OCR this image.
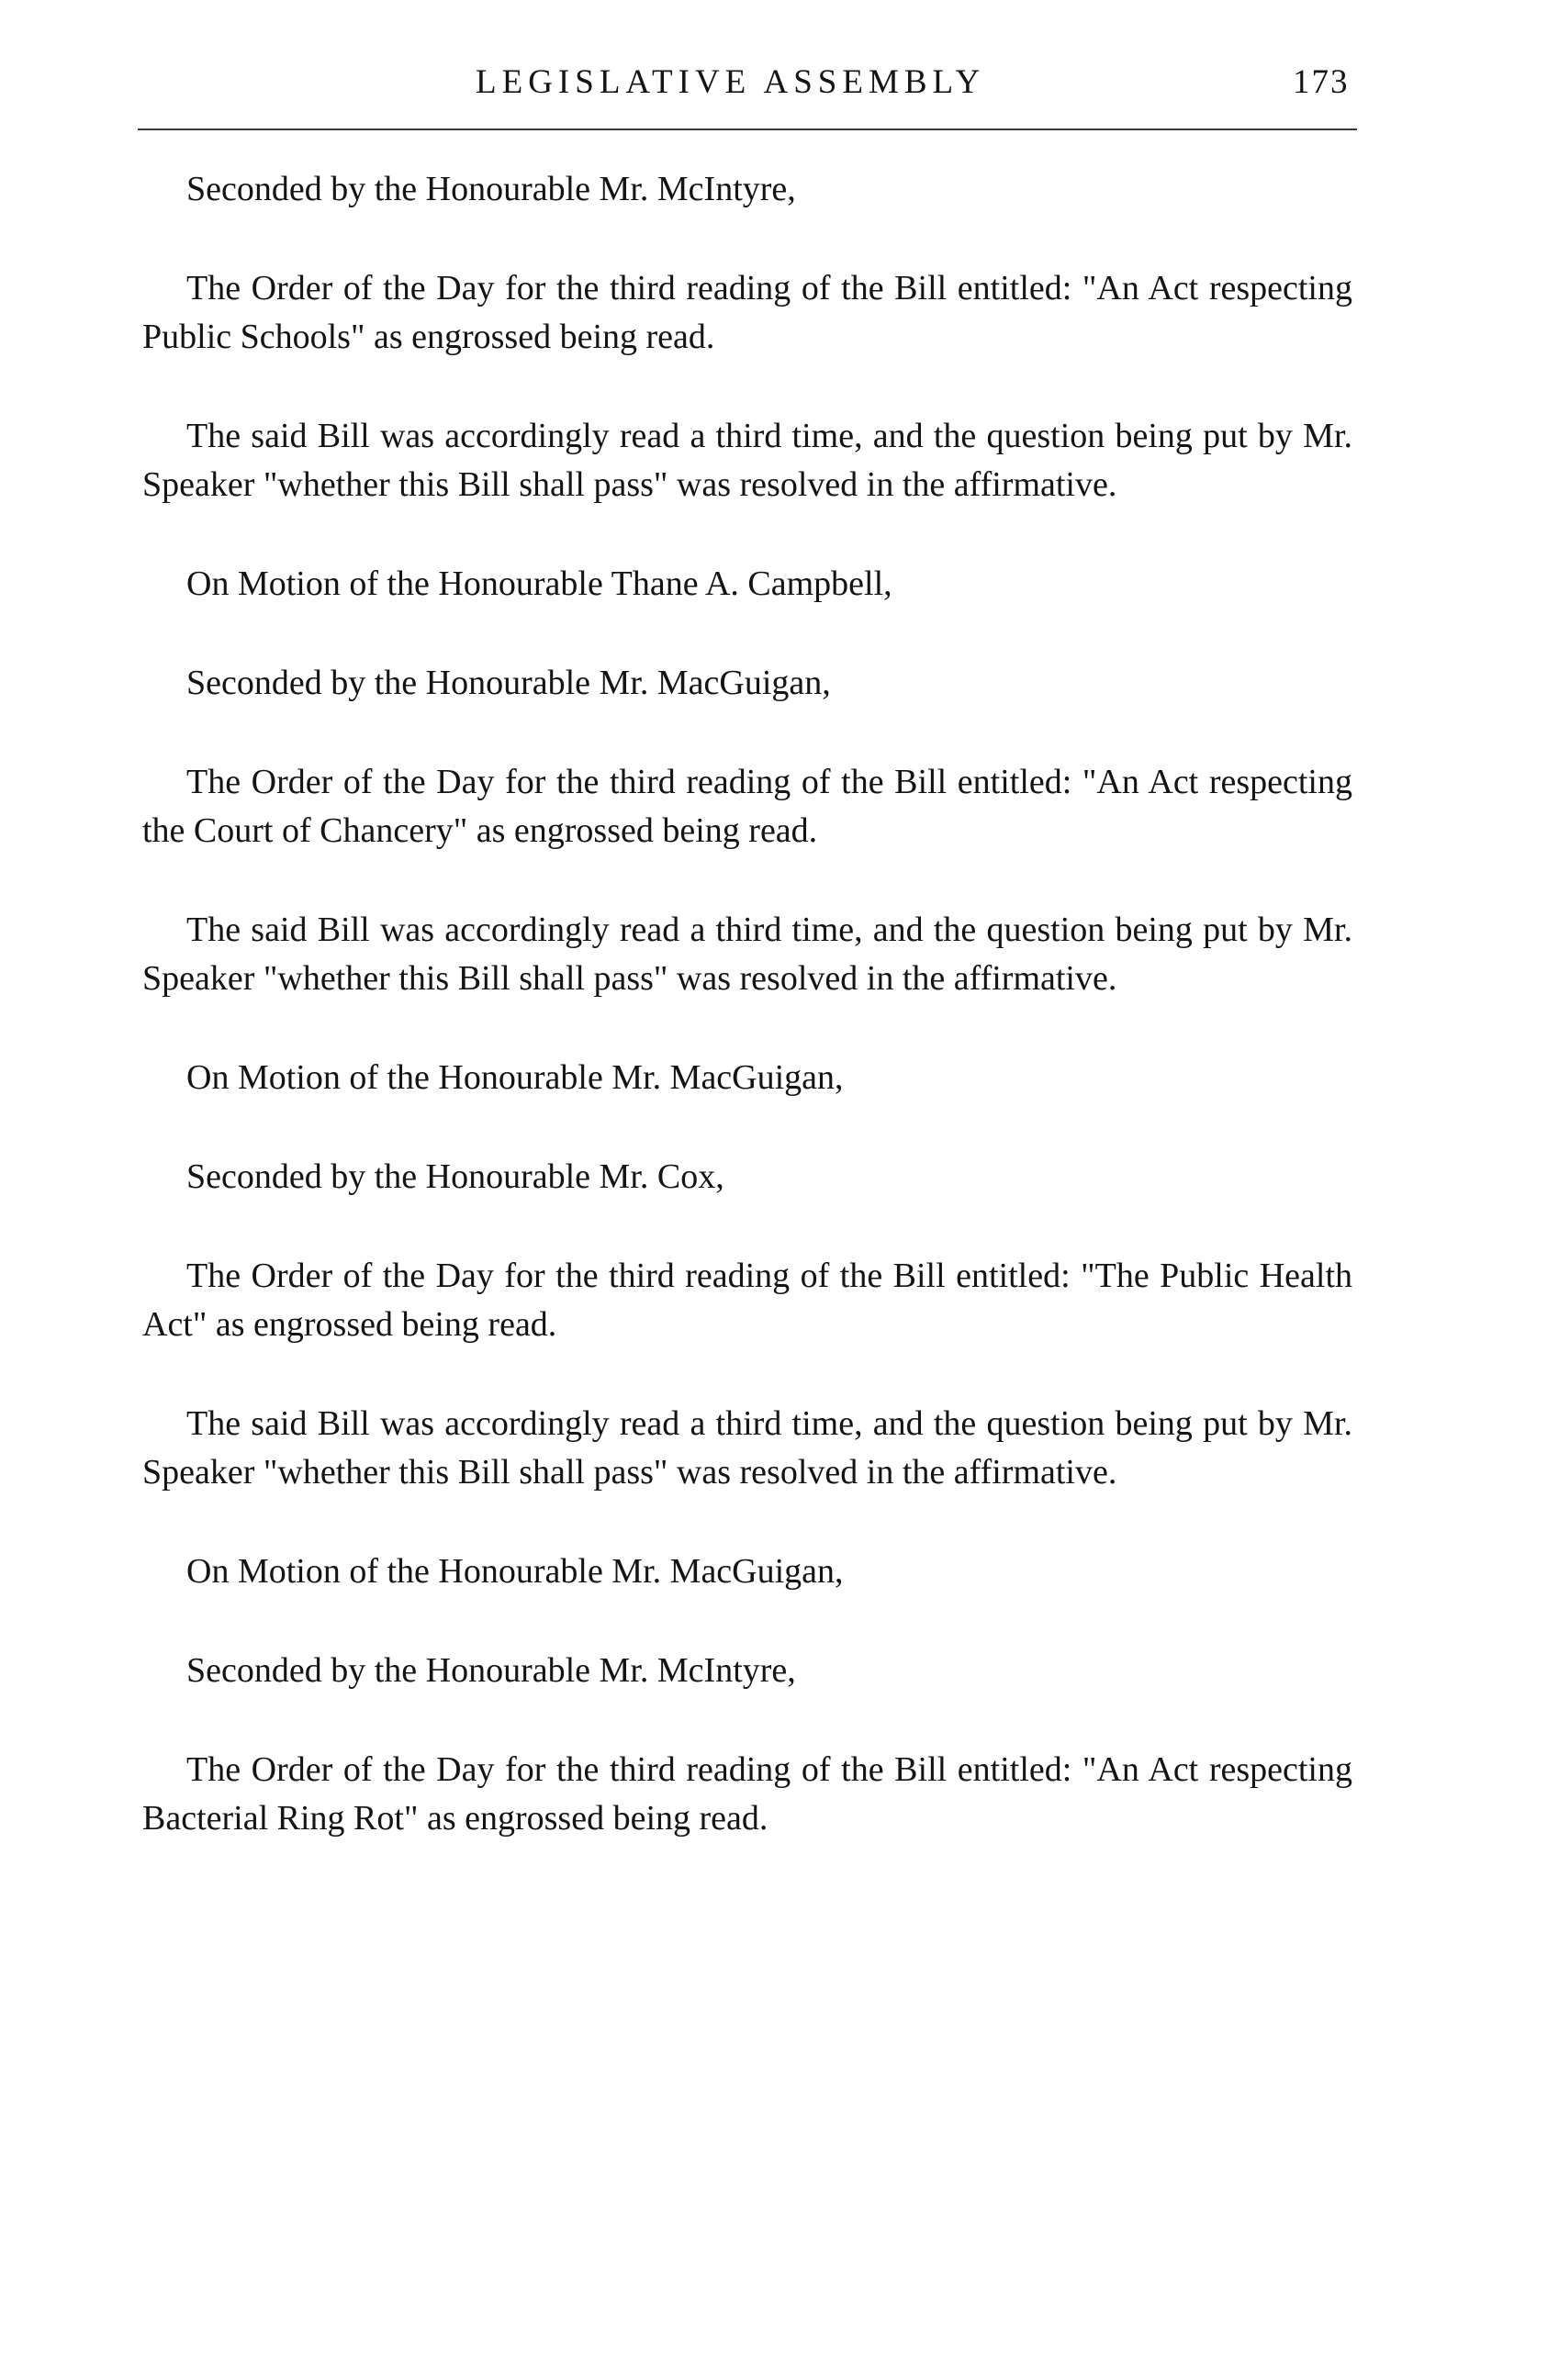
LEGISLATIVE ASSEMBLY	173

Seconded by the Honourable Mr. McIntyre,

The Order of the Day for the third reading of the Bill entitled: "An Act respecting Public Schools" as engrossed being read.

The said Bill was accordingly read a third time, and the question being put by Mr. Speaker "whether this Bill shall pass" was resolved in the affirmative.

On Motion of the Honourable Thane A. Campbell,

Seconded by the Honourable Mr. MacGuigan,

The Order of the Day for the third reading of the Bill entitled: "An Act respecting the Court of Chancery" as engrossed being read.

The said Bill was accordingly read a third time, and the question being put by Mr. Speaker "whether this Bill shall pass" was resolved in the affirmative.

On Motion of the Honourable Mr. MacGuigan,

Seconded by the Honourable Mr. Cox,

The Order of the Day for the third reading of the Bill entitled: "The Public Health Act" as engrossed being read.

The said Bill was accordingly read a third time, and the question being put by Mr. Speaker "whether this Bill shall pass" was resolved in the affirmative.

On Motion of the Honourable Mr. MacGuigan,

Seconded by the Honourable Mr. McIntyre,

The Order of the Day for the third reading of the Bill entitled: "An Act respecting Bacterial Ring Rot" as engrossed being read.
